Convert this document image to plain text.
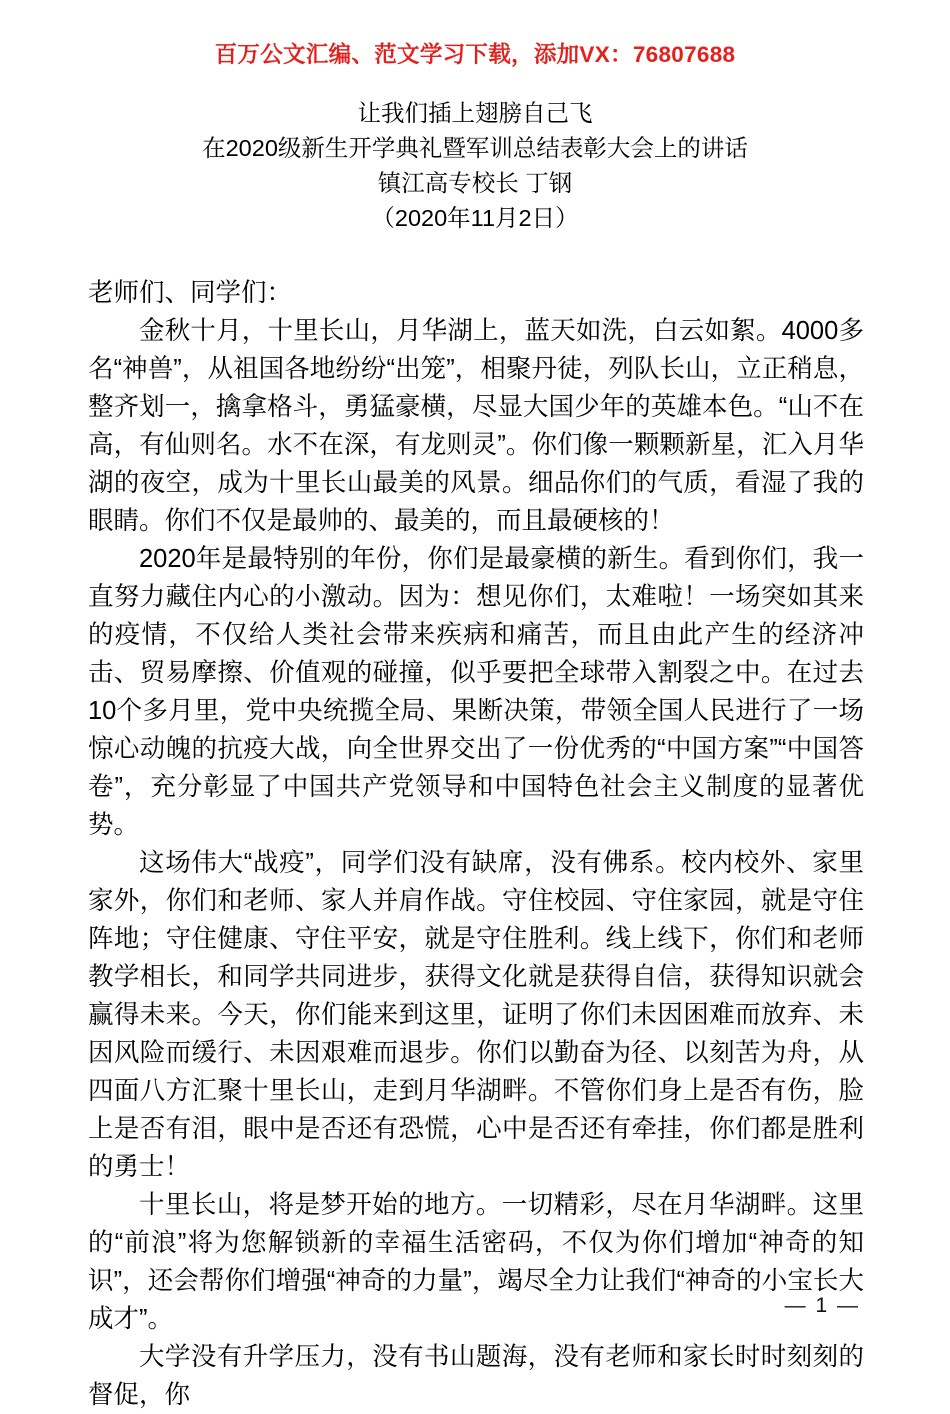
百万公文汇编、范文学习下载，添加VX：76807688
让我们插上翅膀自己飞
在2020级新生开学典礼暨军训总结表彰大会上的讲话
镇江高专校长 丁钢
（2020年11月2日）
老师们、同学们：

金秋十月，十里长山，月华湖上，蓝天如洗，白云如絮。4000多名“神兽”，从祖国各地纷纷“出笼”，相聚丹徒，列队长山，立正稍息，整齐划一，擒拿格斗，勇猛豪横，尽显大国少年的英雄本色。“山不在高，有仙则名。水不在深，有龙则灵”。你们像一颗颗新星，汇入月华湖的夜空，成为十里长山最美的风景。细品你们的气质，看湿了我的眼睛。你们不仅是最帅的、最美的，而且最硬核的！

2020年是最特别的年份，你们是最豪横的新生。看到你们，我一直努力藏住内心的小激动。因为：想见你们，太难啦！一场突如其来的疫情，不仅给人类社会带来疾病和痛苦，而且由此产生的经济冲击、贸易摩擦、价值观的碰撞，似乎要把全球带入割裂之中。在过去10个多月里，党中央统揽全局、果断决策，带领全国人民进行了一场惊心动魄的抗疫大战，向全世界交出了一份优秀的“中国方案”“中国答卷”，充分彰显了中国共产党领导和中国特色社会主义制度的显著优势。

这场伟大“战疫”，同学们没有缺席，没有佛系。校内校外、家里家外，你们和老师、家人并肩作战。守住校园、守住家园，就是守住阵地；守住健康、守住平安，就是守住胜利。线上线下，你们和老师教学相长，和同学共同进步，获得文化就是获得自信，获得知识就会赢得未来。今天，你们能来到这里，证明了你们未因困难而放弃、未因风险而缓行、未因艰难而退步。你们以勤奋为径、以刻苦为舟，从四面八方汇聚十里长山，走到月华湖畔。不管你们身上是否有伤，脸上是否有泪，眼中是否还有恐慌，心中是否还有牵挂，你们都是胜利的勇士！

十里长山，将是梦开始的地方。一切精彩，尽在月华湖畔。这里的“前浪”将为您解锁新的幸福生活密码，不仅为你们增加“神奇的知识”，还会帮你们增强“神奇的力量”，竭尽全力让我们“神奇的小宝长大成才”。

大学没有升学压力，没有书山题海，没有老师和家长时时刻刻的督促，你

— 1 —
